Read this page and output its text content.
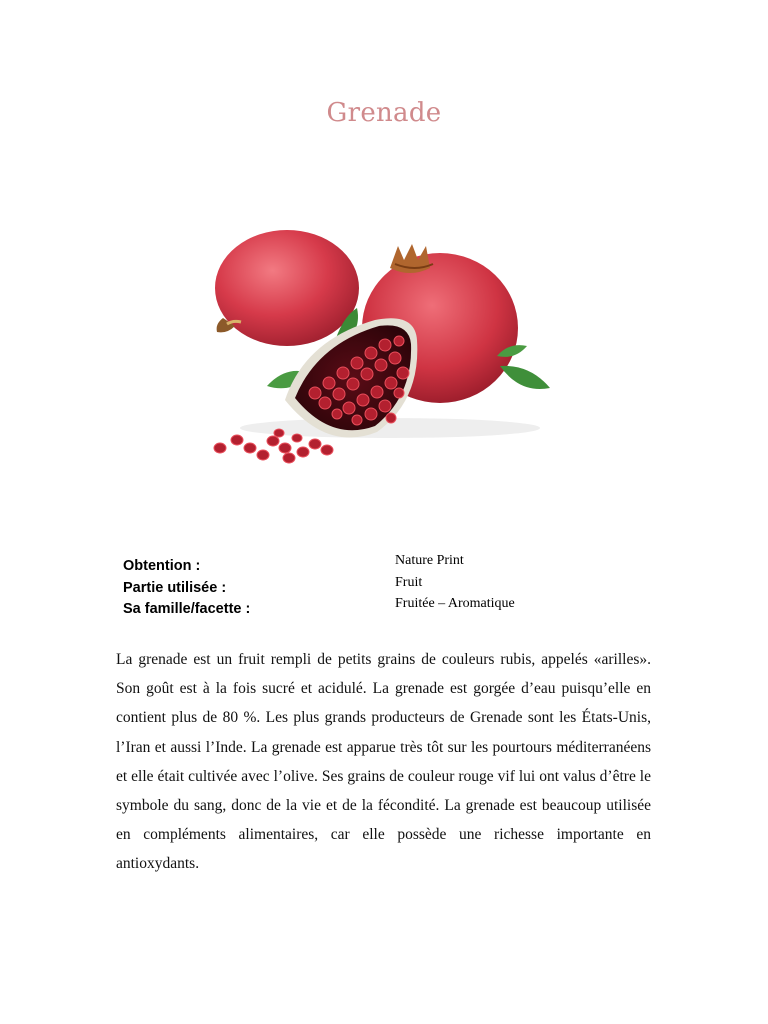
Grenade
Obtention :
Partie utilisée :
Sa famille/facette :
Nature Print
Fruit
Fruitée – Aromatique
La grenade est un fruit rempli de petits grains de couleurs rubis, appelés «arilles». Son goût est à la fois sucré et acidulé. La grenade est gorgée d’eau puisqu’elle en contient plus de 80 %. Les plus grands producteurs de Grenade sont les États-Unis, l’Iran et aussi l’Inde. La grenade est apparue très tôt sur les pourtours méditerranéens et elle était cultivée avec l’olive. Ses grains de couleur rouge vif lui ont valus d’être le symbole du sang, donc de la vie et de la fécondité. La grenade est beaucoup utilisée en compléments alimentaires, car elle possède une richesse importante en antioxydants.
